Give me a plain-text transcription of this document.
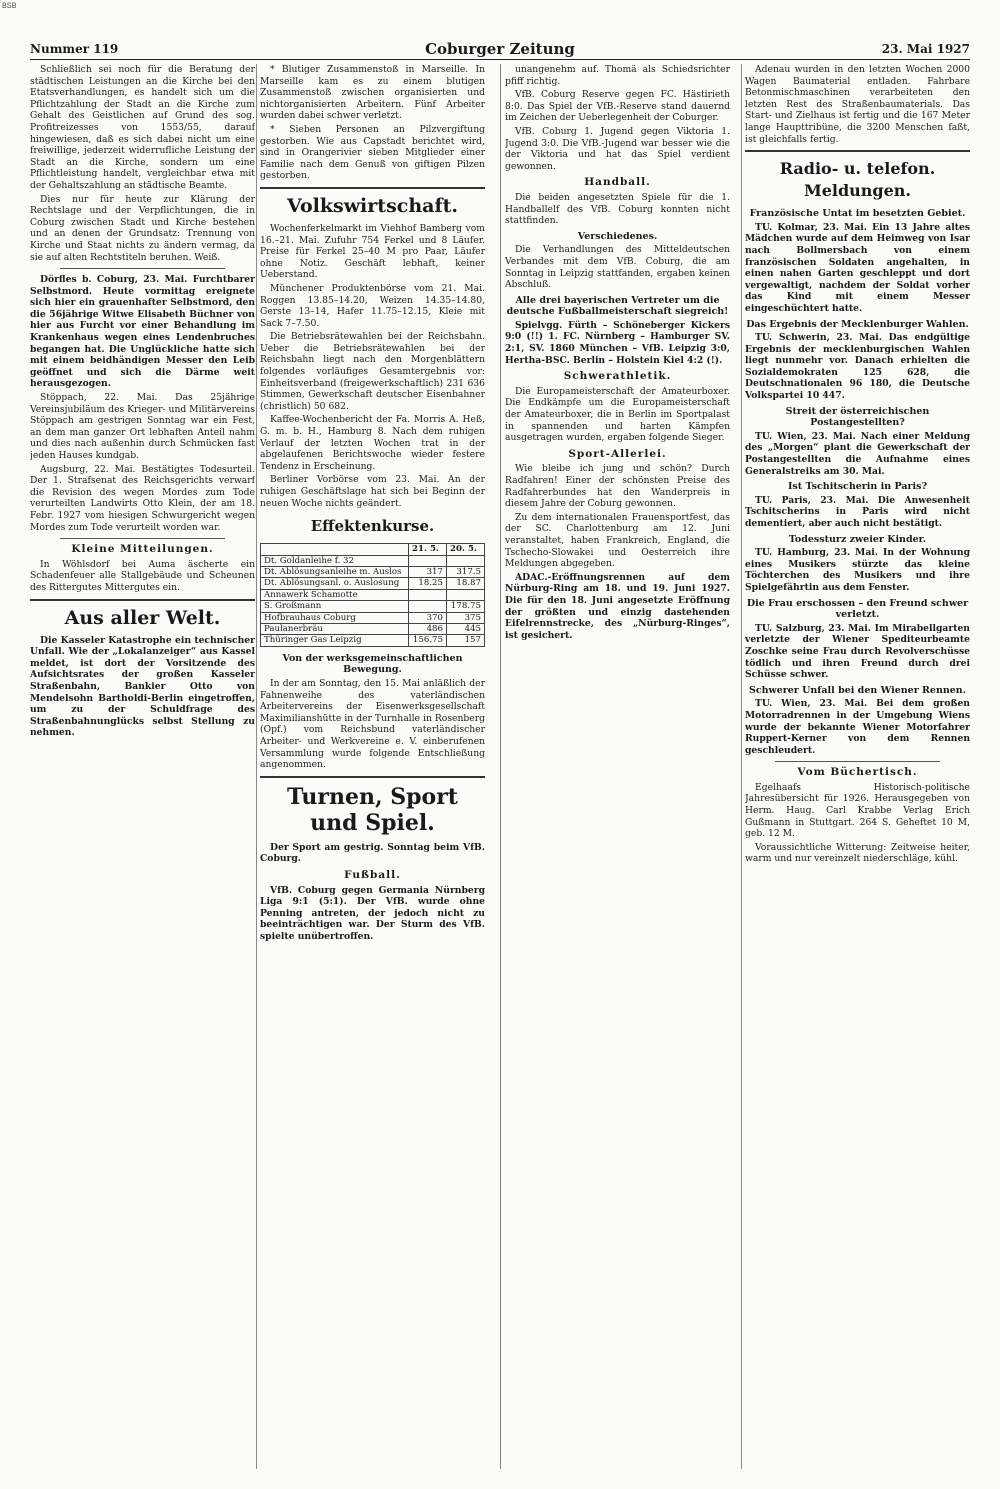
BSB
Nummer 119	Coburger Zeitung	23. Mai 1927

Schließlich sei noch für die Beratung der städtischen Leistungen an die Kirche bei den Etatsverhandlungen, es handelt sich um die Pflichtzahlung der Stadt an die Kirche zum Gehalt des Geistlichen auf Grund des sog. Profitreizesses von 1553/55, darauf hingewiesen, daß es sich dabei nicht um eine freiwillige, jederzeit widerrufliche Leistung der Stadt an die Kirche, sondern um eine Pflichtleistung handelt, vergleichbar etwa mit der Gehaltszahlung an städtische Beamte.

Dies nur für heute zur Klärung der Rechtslage und der Verpflichtungen, die in Coburg zwischen Stadt und Kirche bestehen und an denen der Grundsatz: Trennung von Kirche und Staat nichts zu ändern vermag, da sie auf alten Rechtstiteln beruhen. Weiß.

Dörfles b. Coburg, 23. Mai. Furchtbarer Selbstmord. Heute vormittag ereignete sich hier ein grauenhafter Selbstmord, den die 56jährige Witwe Elisabeth Büchner von hier aus Furcht vor einer Behandlung im Krankenhaus wegen eines Lendenbruches begangen hat. Die Unglückliche hatte sich mit einem beidhändigen Messer den Leib geöffnet und sich die Därme weit herausgezogen.

Stöppach, 22. Mai. Das 25jährige Vereinsjubiläum des Krieger- und Militärvereins Stöppach am gestrigen Sonntag war ein Fest, an dem man ganzer Ort lebhaften Anteil nahm und dies nach außenhin durch Schmücken fast jeden Hauses kundgab.

Augsburg, 22. Mai. Bestätigtes Todesurteil. Der 1. Strafsenat des Reichsgerichts verwarf die Revision des wegen Mordes zum Tode verurteilten Landwirts Otto Klein, der am 18. Febr. 1927 vom hiesigen Schwurgericht wegen Mordes zum Tode verurteilt worden war.

Kleine Mitteilungen.

In Wöhlsdorf bei Auma äscherte ein Schadenfeuer alle Stallgebäude und Scheunen des Rittergutes Mittergutes ein.

Aus aller Welt.

Die Kasseler Katastrophe ein technischer Unfall. Wie der „Lokalanzeiger“ aus Kassel meldet, ist dort der Vorsitzende des Aufsichtsrates der großen Kasseler Straßenbahn, Bankier Otto von Mendelsohn Bartholdi-Berlin eingetroffen, um zu der Schuldfrage des Straßenbahnunglücks selbst Stellung zu nehmen.

* Blutiger Zusammenstoß in Marseille. In Marseille kam es zu einem blutigen Zusammenstoß zwischen organisierten und nichtorganisierten Arbeitern. Fünf Arbeiter wurden dabei schwer verletzt.

* Sieben Personen an Pilzvergiftung gestorben. Wie aus Capstadt berichtet wird, sind in Orangerivier sieben Mitglieder einer Familie nach dem Genuß von giftigen Pilzen gestorben.

Volkswirtschaft.

Wochenferkelmarkt im Viehhof Bamberg vom 16.–21. Mai. Zufuhr 754 Ferkel und 8 Läufer. Preise für Ferkel 25–40 M pro Paar, Läufer ohne Notiz. Geschäft lebhaft, keiner Ueberstand.

Münchener Produktenbörse vom 21. Mai. Roggen 13.85–14.20, Weizen 14.35–14.80, Gerste 13–14, Hafer 11.75–12.15, Kleie mit Sack 7–7.50.

Die Betriebsrätewahlen bei der Reichsbahn. Ueber die Betriebsrätewahlen bei der Reichsbahn liegt nach den Morgenblättern folgendes vorläufiges Gesamtergebnis vor: Einheitsverband (freigewerkschaftlich) 231 636 Stimmen, Gewerkschaft deutscher Eisenbahner (christlich) 50 682.

Kaffee-Wochenbericht der Fa. Morris A. Heß, G. m. b. H., Hamburg 8. Nach dem ruhigen Verlauf der letzten Wochen trat in der abgelaufenen Berichtswoche wieder festere Tendenz in Erscheinung.

Berliner Vorbörse vom 23. Mai. An der ruhigen Geschäftslage hat sich bei Beginn der neuen Woche nichts geändert.

Effektenkurse.
	21. 5.	20. 5.
Dt. Goldanleihe f. 32		
Dt. Ablösungsanleihe m. Auslos	317	317.5
Dt. Ablösungsanl. o. Auslosung	18.25	18.87
Annawerk Schamotte		
S. Großmann		178.75
Hofbrauhaus Coburg	370	375
Paulanerbräu	486	445
Thüringer Gas Leipzig	156.75	157
Von der werksgemeinschaftlichen Bewegung.

In der am Sonntag, den 15. Mai anläßlich der Fahnenweihe des vaterländischen Arbeitervereins der Eisenwerksgesellschaft Maximilianshütte in der Turnhalle in Rosenberg (Opf.) vom Reichsbund vaterländischer Arbeiter- und Werkvereine e. V. einberufenen Versammlung wurde folgende Entschließung angenommen.

Turnen, Sport und Spiel.

Der Sport am gestrig. Sonntag beim VfB. Coburg.

Fußball.

VfB. Coburg gegen Germania Nürnberg Liga 9:1 (5:1). Der VfB. wurde ohne Penning antreten, der jedoch nicht zu beeinträchtigen war. Der Sturm des VfB. spielte unübertroffen.

unangenehm auf. Thomä als Schiedsrichter pfiff richtig.

VfB. Coburg Reserve gegen FC. Hästirieth 8:0. Das Spiel der VfB.-Reserve stand dauernd im Zeichen der Ueberlegenheit der Coburger.

VfB. Coburg 1. Jugend gegen Viktoria 1. Jugend 3:0. Die VfB.-Jugend war besser wie die der Viktoria und hat das Spiel verdient gewonnen.

Handball.

Die beiden angesetzten Spiele für die 1. Handballelf des VfB. Coburg konnten nicht stattfinden.

Verschiedenes.

Die Verhandlungen des Mitteldeutschen Verbandes mit dem VfB. Coburg, die am Sonntag in Leipzig stattfanden, ergaben keinen Abschluß.

Alle drei bayerischen Vertreter um die deutsche Fußballmeisterschaft siegreich!

Spielvgg. Fürth – Schöneberger Kickers 9:0 (!!) 1. FC. Nürnberg – Hamburger SV. 2:1, SV. 1860 München – VfB. Leipzig 3:0, Hertha-BSC. Berlin – Holstein Kiel 4:2 (!).

Schwerathletik.

Die Europameisterschaft der Amateurboxer. Die Endkämpfe um die Europameisterschaft der Amateurboxer, die in Berlin im Sportpalast in spannenden und harten Kämpfen ausgetragen wurden, ergaben folgende Sieger.

Sport-Allerlei.

Wie bleibe ich jung und schön? Durch Radfahren! Einer der schönsten Preise des Radfahrerbundes hat den Wanderpreis in diesem Jahre der Coburg gewonnen.

Zu dem internationalen Frauensportfest, das der SC. Charlottenburg am 12. Juni veranstaltet, haben Frankreich, England, die Tschecho-Slowakei und Oesterreich ihre Meldungen abgegeben.

ADAC.-Eröffnungsrennen auf dem Nürburg-Ring am 18. und 19. Juni 1927. Die für den 18. Juni angesetzte Eröffnung der größten und einzig dastehenden Eifelrennstrecke, des „Nürburg-Ringes“, ist gesichert.

Adenau wurden in den letzten Wochen 2000 Wagen Baumaterial entladen. Fahrbare Betonmischmaschinen verarbeiteten den letzten Rest des Straßenbaumaterials. Das Start- und Zielhaus ist fertig und die 167 Meter lange Haupttribüne, die 3200 Menschen faßt, ist gleichfalls fertig.

Radio- u. telefon. Meldungen.
Französische Untat im besetzten Gebiet.

TU. Kolmar, 23. Mai. Ein 13 Jahre altes Mädchen wurde auf dem Heimweg von Isar nach Bollmersbach von einem französischen Soldaten angehalten, in einen nahen Garten geschleppt und dort vergewaltigt, nachdem der Soldat vorher das Kind mit einem Messer eingeschüchtert hatte.

Das Ergebnis der Mecklenburger Wahlen.

TU. Schwerin, 23. Mai. Das endgültige Ergebnis der mecklenburgischen Wahlen liegt nunmehr vor. Danach erhielten die Sozialdemokraten 125 628, die Deutschnationalen 96 180, die Deutsche Volkspartei 10 447.

Streit der österreichischen Postangestellten?

TU. Wien, 23. Mai. Nach einer Meldung des „Morgen“ plant die Gewerkschaft der Postangestellten die Aufnahme eines Generalstreiks am 30. Mai.

Ist Tschitscherin in Paris?

TU. Paris, 23. Mai. Die Anwesenheit Tschitscherins in Paris wird nicht dementiert, aber auch nicht bestätigt.

Todessturz zweier Kinder.

TU. Hamburg, 23. Mai. In der Wohnung eines Musikers stürzte das kleine Töchterchen des Musikers und ihre Spielgefährtin aus dem Fenster.

Die Frau erschossen – den Freund schwer verletzt.

TU. Salzburg, 23. Mai. Im Mirabellgarten verletzte der Wiener Spediteurbeamte Zoschke seine Frau durch Revolverschüsse tödlich und ihren Freund durch drei Schüsse schwer.

Schwerer Unfall bei den Wiener Rennen.

TU. Wien, 23. Mai. Bei dem großen Motorradrennen in der Umgebung Wiens wurde der bekannte Wiener Motorfahrer Ruppert-Kerner von dem Rennen geschleudert.

Vom Büchertisch.

Egelhaafs Historisch-politische Jahresübersicht für 1926. Herausgegeben von Herm. Haug. Carl Krabbe Verlag Erich Gußmann in Stuttgart. 264 S. Geheftet 10 M, geb. 12 M.

Voraussichtliche Witterung: Zeitweise heiter, warm und nur vereinzelt niederschläge, kühl.
